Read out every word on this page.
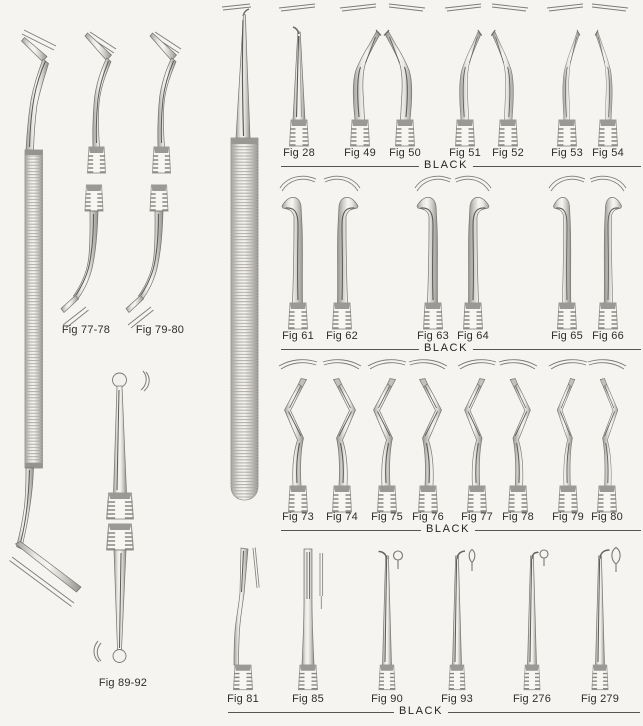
BLACK
BLACK
BLACK
BLACK
Fig 28	Fig 49 Fig 50	Fig 51 Fig 52 Fig 53 Fig 54
Fig 61 Fig 62	Fig 63 Fig 64	Fig 65 Fig 66
Fig 73 Fig 74 Fig 75 Fig 76 Fig 77 Fig 78 Fig 79 Fig 80
Fig 81	Fig 85	Fig 90	Fig 93	Fig 276	Fig 279
Fig 77-78 Fig 79-80
Fig 89-92
